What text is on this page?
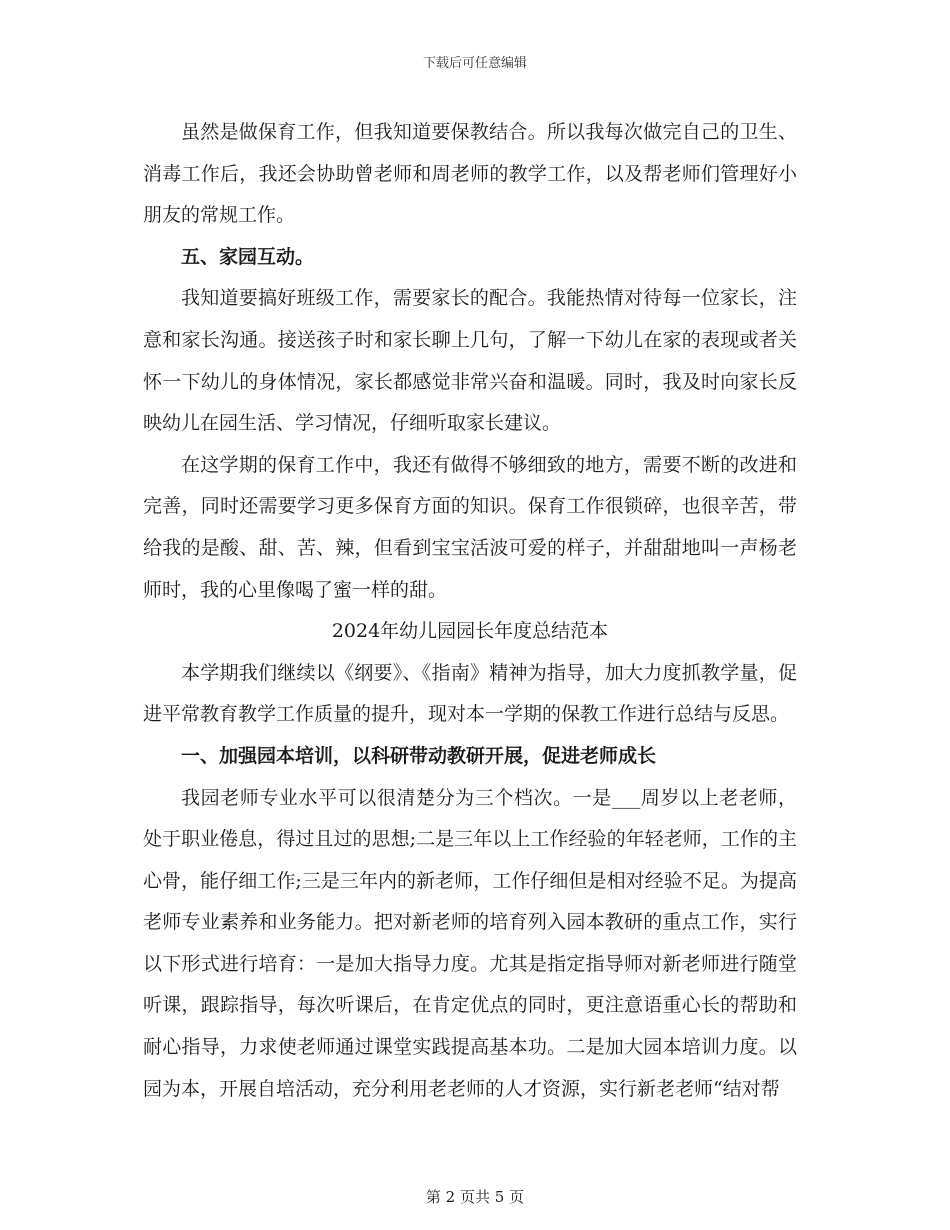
下载后可任意编辑

虽然是做保育工作，但我知道要保教结合。所以我每次做完自己的卫生、消毒工作后，我还会协助曾老师和周老师的教学工作，以及帮老师们管理好小朋友的常规工作。

五、家园互动。

我知道要搞好班级工作，需要家长的配合。我能热情对待每一位家长，注意和家长沟通。接送孩子时和家长聊上几句，了解一下幼儿在家的表现或者关怀一下幼儿的身体情况，家长都感觉非常兴奋和温暖。同时，我及时向家长反映幼儿在园生活、学习情况，仔细听取家长建议。

在这学期的保育工作中，我还有做得不够细致的地方，需要不断的改进和完善，同时还需要学习更多保育方面的知识。保育工作很锁碎，也很辛苦，带给我的是酸、甜、苦、辣，但看到宝宝活波可爱的样子，并甜甜地叫一声杨老师时，我的心里像喝了蜜一样的甜。

2024年幼儿园园长年度总结范本

本学期我们继续以《纲要》、《指南》精神为指导，加大力度抓教学量，促进平常教育教学工作质量的提升，现对本一学期的保教工作进行总结与反思。

一、加强园本培训，以科研带动教研开展，促进老师成长

我园老师专业水平可以很清楚分为三个档次。一是___周岁以上老老师，处于职业倦息，得过且过的思想;二是三年以上工作经验的年轻老师，工作的主心骨，能仔细工作;三是三年内的新老师，工作仔细但是相对经验不足。为提高老师专业素养和业务能力。把对新老师的培育列入园本教研的重点工作，实行以下形式进行培育：一是加大指导力度。尤其是指定指导师对新老师进行随堂听课，跟踪指导，每次听课后，在肯定优点的同时，更注意语重心长的帮助和耐心指导，力求使老师通过课堂实践提高基本功。二是加大园本培训力度。以园为本，开展自培活动，充分利用老老师的人才资源，实行新老老师“结对帮

第 2 页共 5 页
